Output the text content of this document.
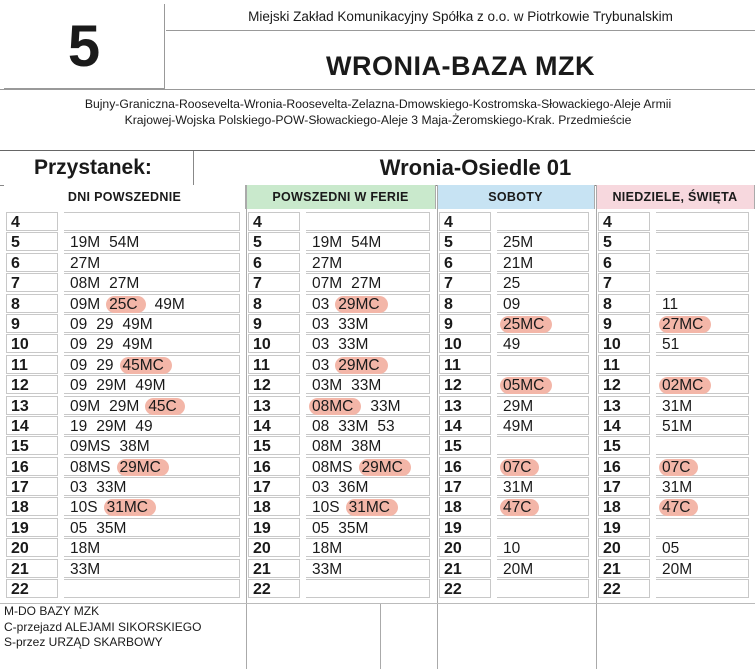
5	Miejski Zakład Komunikacyjny Spółka z o.o. w Piotrkowie Trybunalskim
WRONIA-BAZA MZK
Bujny-Graniczna-Roosevelta-Wronia-Roosevelta-Zelazna-Dmowskiego-Kostromska-Słowackiego-Aleje Armii
Krajowej-Wojska Polskiego-POW-Słowackiego-Aleje 3 Maja-Żeromskiego-Krak. Przedmieście
Przystanek:	Wronia-Osiedle 01
DNI POWSZEDNIE	POWSZEDNI W FERIE	SOBOTY	NIEDZIELE, ŚWIĘTA
4
5	19M 54M
6	27M
7	08M 27M
8	09M 25C 49M
9	09 29 49M
10	09 29 49M
11	09 29 45MC
12	09 29M 49M
13	09M 29M 45C
14	19 29M 49
15	09MS 38M
16	08MS 29MC
17	03 33M
18	10S 31MC
19	05 35M
20	18M
21	33M
22
4
5	19M 54M
6	27M
7	07M 27M
8	03 29MC
9	03 33M
10	03 33M
11	03 29MC
12	03M 33M
13	08MC 33M
14	08 33M 53
15	08M 38M
16	08MS 29MC
17	03 36M
18	10S 31MC
19	05 35M
20	18M
21	33M
22
4
5	25M
6	21M
7	25
8	09
9	25MC
10	49
11
12	05MC
13	29M
14	49M
15
16	07C
17	31M
18	47C
19
20	10
21	20M
22
4
5
6
7
8	11
9	27MC
10	51
11
12	02MC
13	31M
14	51M
15
16	07C
17	31M
18	47C
19
20	05
21	20M
22
M-DO BAZY MZK
C-przejazd ALEJAMI SIKORSKIEGO
S-przez URZĄD SKARBOWY
